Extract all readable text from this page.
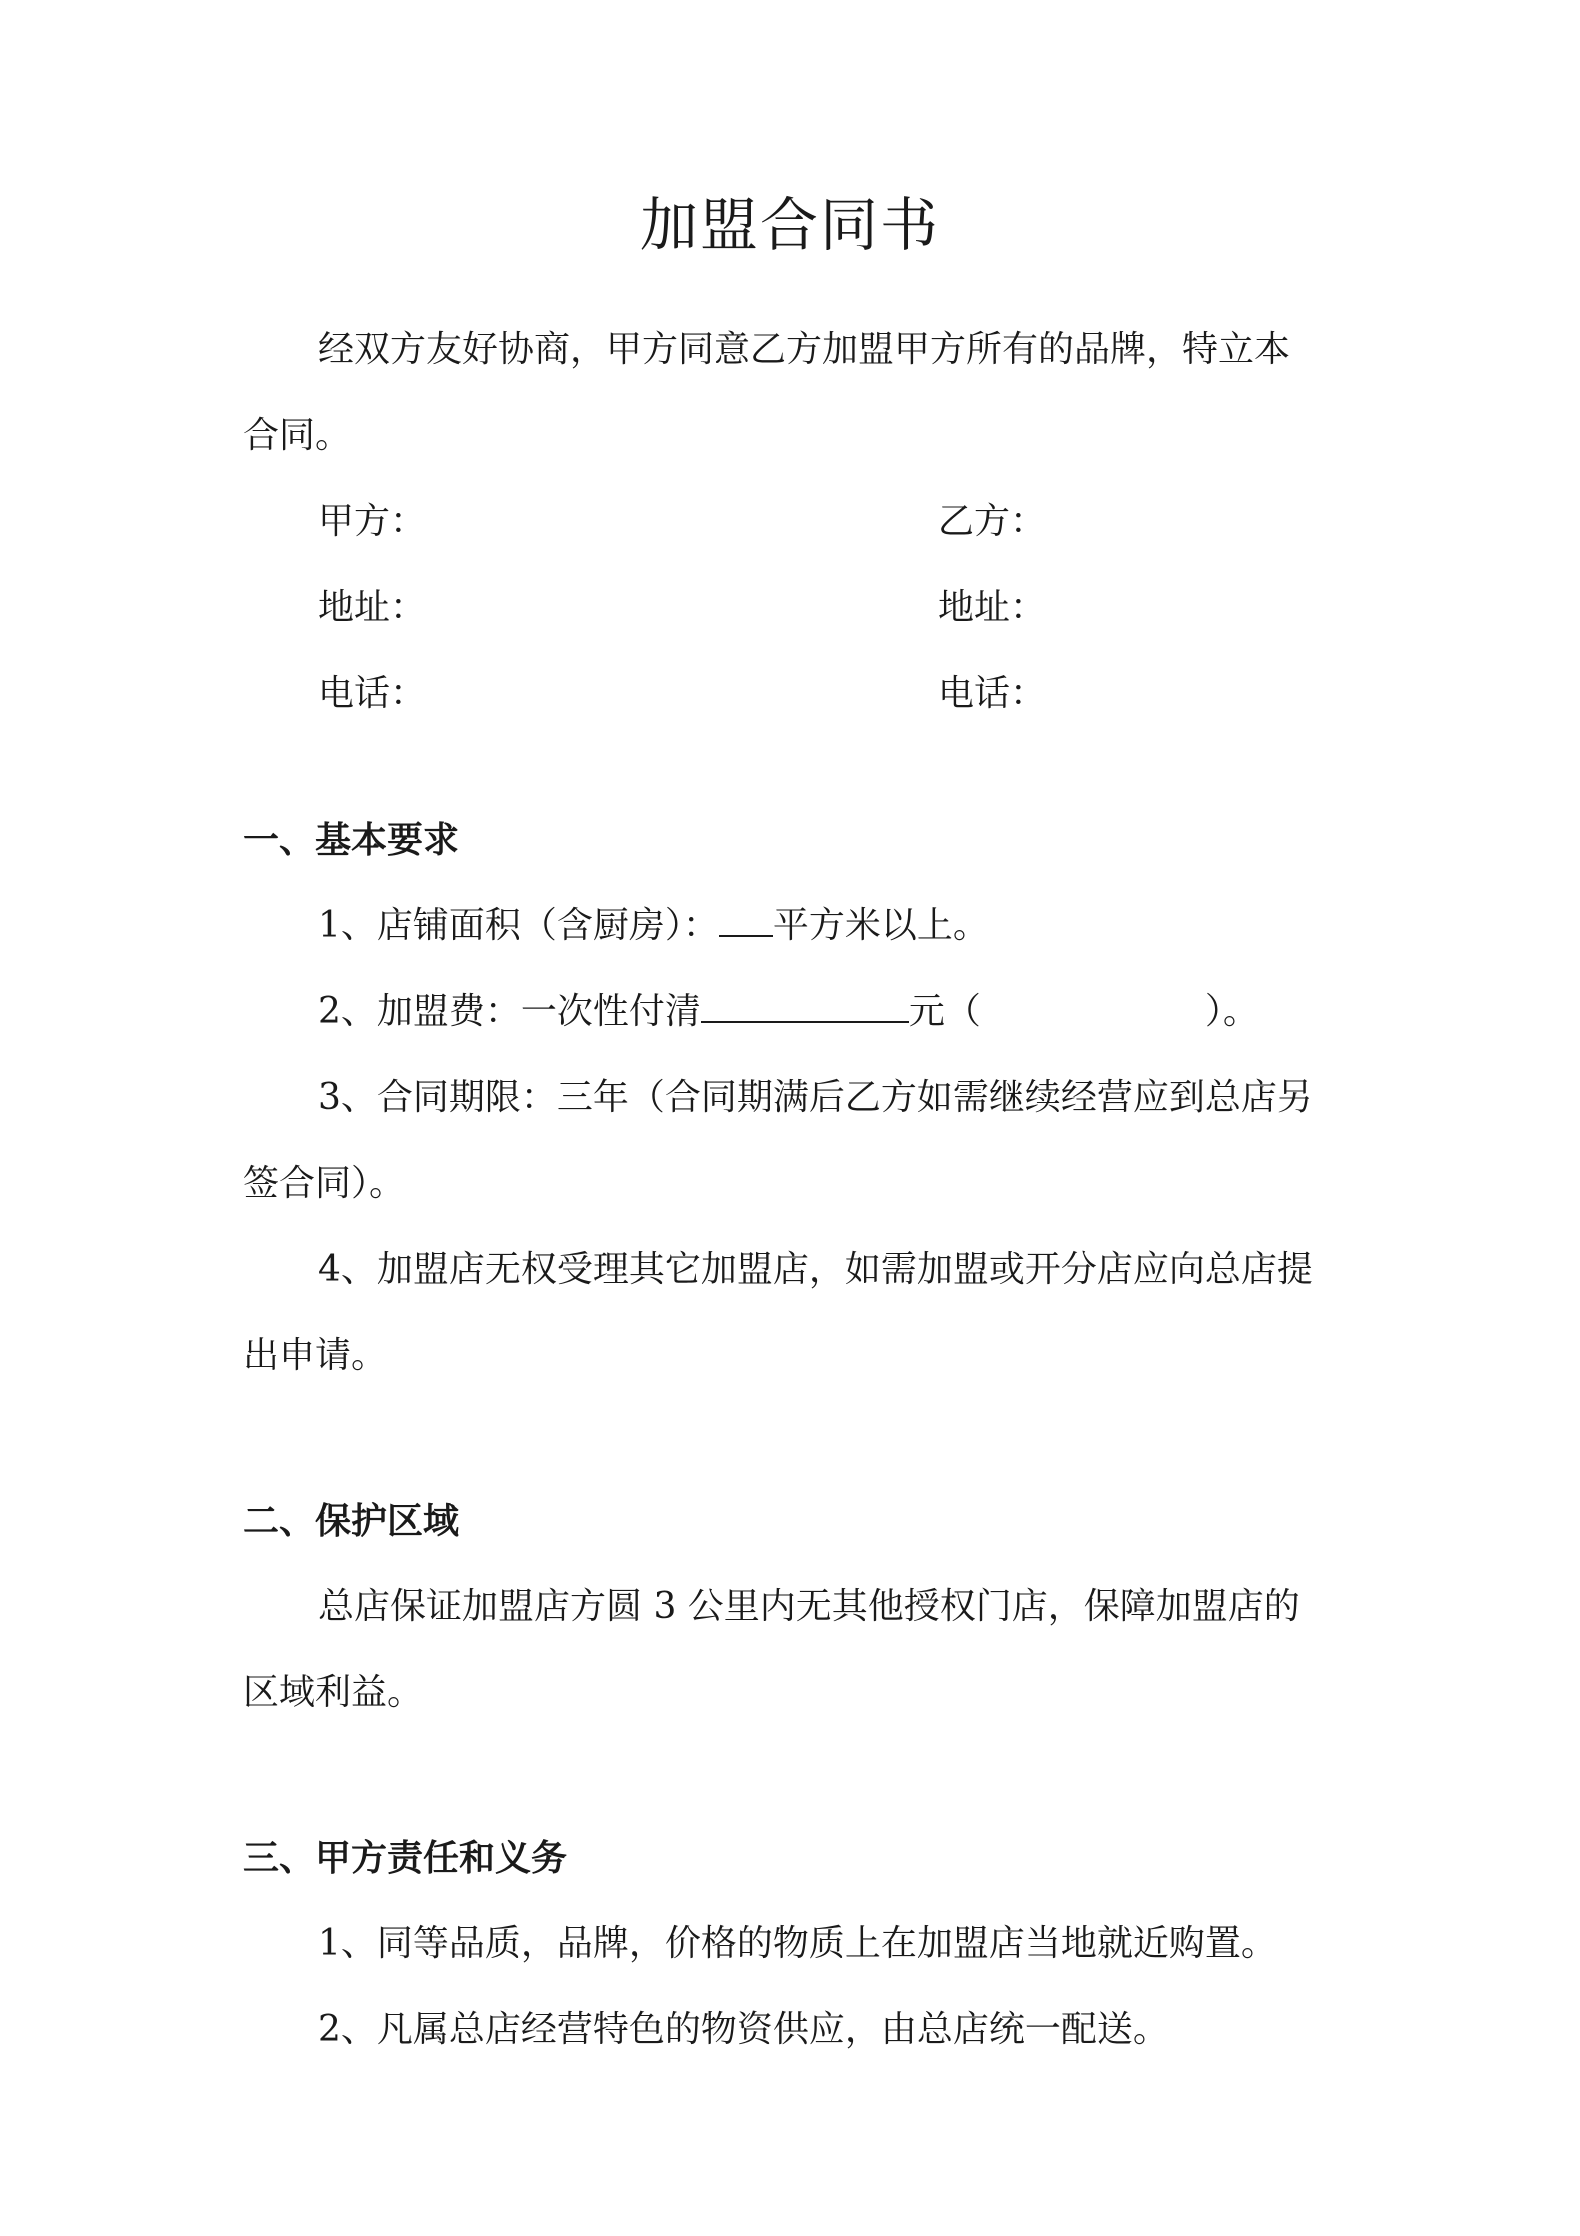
加盟合同书
经双方友好协商，甲方同意乙方加盟甲方所有的品牌，特立本
合同。
甲方：	乙方：
地址：	地址：
电话：	电话：
一、基本要求
1、店铺面积（含厨房）： 平方米以上。
2、加盟费：一次性付清	元（	）。
3、合同期限：三年（合同期满后乙方如需继续经营应到总店另
签合同）。
4、加盟店无权受理其它加盟店，如需加盟或开分店应向总店提
出申请。
二、保护区域
总店保证加盟店方圆 3 公里内无其他授权门店，保障加盟店的
区域利益。
三、甲方责任和义务
1、同等品质，品牌，价格的物质上在加盟店当地就近购置。
2、凡属总店经营特色的物资供应，由总店统一配送。
